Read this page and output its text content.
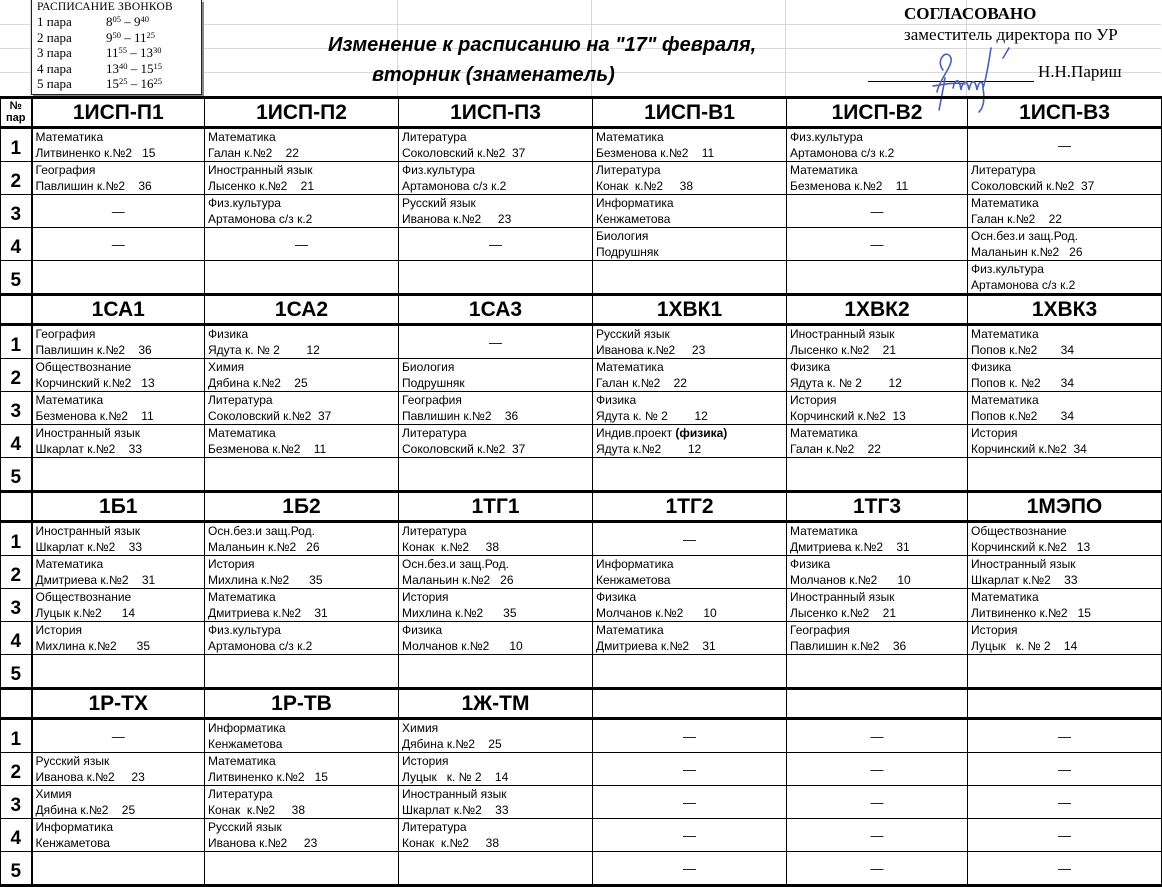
РАСПИСАНИЕ ЗВОНКОВ
1 пара	$8^{05} - 9^{40}$
2 пара	$9^{50} - 11^{25}$
3 пара	$11^{55} - 13^{30}$
4 пара	$13^{40} - 15^{15}$
5 пара	$15^{25} - 16^{25}$
Изменение к расписанию на "17" февраля,
вторник (знаменатель)
СОГЛАСОВАНО
заместитель директора по УР
Н.Н.Париш
№ пар	1ИСП-П1	1ИСП-П2	1ИСП-П3	1ИСП-В1	1ИСП-В2	1ИСП-В3
1	Математика
Литвиненко к.№2   15	Математика
Галан к.№2    22	Литература
Соколовский к.№2  37	Математика
Безменова к.№2    11	Физ.культура
Артамонова с/з к.2	—
2	География
Павлишин к.№2    36	Иностранный язык
Лысенко к.№2    21	Физ.культура
Артамонова с/з к.2	Литература
Конак  к.№2     38	Математика
Безменова к.№2    11	Литература
Соколовский к.№2  37

3	—	Физ.культура
Артамонова с/з к.2	Русский язык
Иванова к.№2     23	Информатика
Кенжаметова	—	Математика
Галан к.№2    22

4	—	—	—	Биология
Подрушняк	—	Осн.без.и защ.Род.
Маланьин к.№2   26

5						Физ.культура
Артамонова с/з к.2

	1СА1	1СА2	1СА3	1ХВК1	1ХВК2	1ХВК3
1	География
Павлишин к.№2    36	Физика
Ядута к. № 2        12	—	Русский язык
Иванова к.№2     23	Иностранный язык
Лысенко к.№2    21	Математика
Попов к.№2       34

2	Обществознание
Корчинский к.№2   13	Химия
Дябина к.№2    25	Биология
Подрушняк	Математика
Галан к.№2    22	Физика
Ядута к. № 2        12	Физика
Попов к. №2      34

3	Математика
Безменова к.№2    11	Литература
Соколовский к.№2  37	География
Павлишин к.№2    36	Физика
Ядута к. № 2        12	История
Корчинский к.№2  13	Математика
Попов к.№2       34

4	Иностранный язык
Шкарлат к.№2    33	Математика
Безменова к.№2    11	Литература
Соколовский к.№2  37	Индив.проект (физика)
Ядута к.№2        12	Математика
Галан к.№2    22	История
Корчинский к.№2  34

5						
	1Б1	1Б2	1ТГ1	1ТГ2	1ТГ3	1МЭПО
1	Иностранный язык
Шкарлат к.№2    33	Осн.без.и защ.Род.
Маланьин к.№2   26	Литература
Конак  к.№2     38	—	Математика
Дмитриева к.№2    31	Обществознание
Корчинский к.№2   13

2	Математика
Дмитриева к.№2    31	История
Михлина к.№2      35	Осн.без.и защ.Род.
Маланьин к.№2   26	Информатика
Кенжаметова	Физика
Молчанов к.№2      10	Иностранный язык
Шкарлат к.№2    33

3	Обществознание
Луцык к.№2      14	Математика
Дмитриева к.№2    31	История
Михлина к.№2      35	Физика
Молчанов к.№2      10	Иностранный язык
Лысенко к.№2    21	Математика
Литвиненко к.№2   15

4	История
Михлина к.№2      35	Физ.культура
Артамонова с/з к.2	Физика
Молчанов к.№2      10	Математика
Дмитриева к.№2    31	География
Павлишин к.№2    36	История
Луцык   к. № 2    14

5						
	1Р-ТХ	1Р-ТВ	1Ж-ТМ			
1	—	Информатика
Кенжаметова	Химия
Дябина к.№2    25	—	—	—
2	Русский язык
Иванова к.№2     23	Математика
Литвиненко к.№2   15	История
Луцык   к. № 2    14	—	—	—
3	Химия
Дябина к.№2    25	Литература
Конак  к.№2     38	Иностранный язык
Шкарлат к.№2    33	—	—	—
4	Информатика
Кенжаметова	Русский язык
Иванова к.№2     23	Литература
Конак  к.№2     38	—	—	—
5				—	—	—
